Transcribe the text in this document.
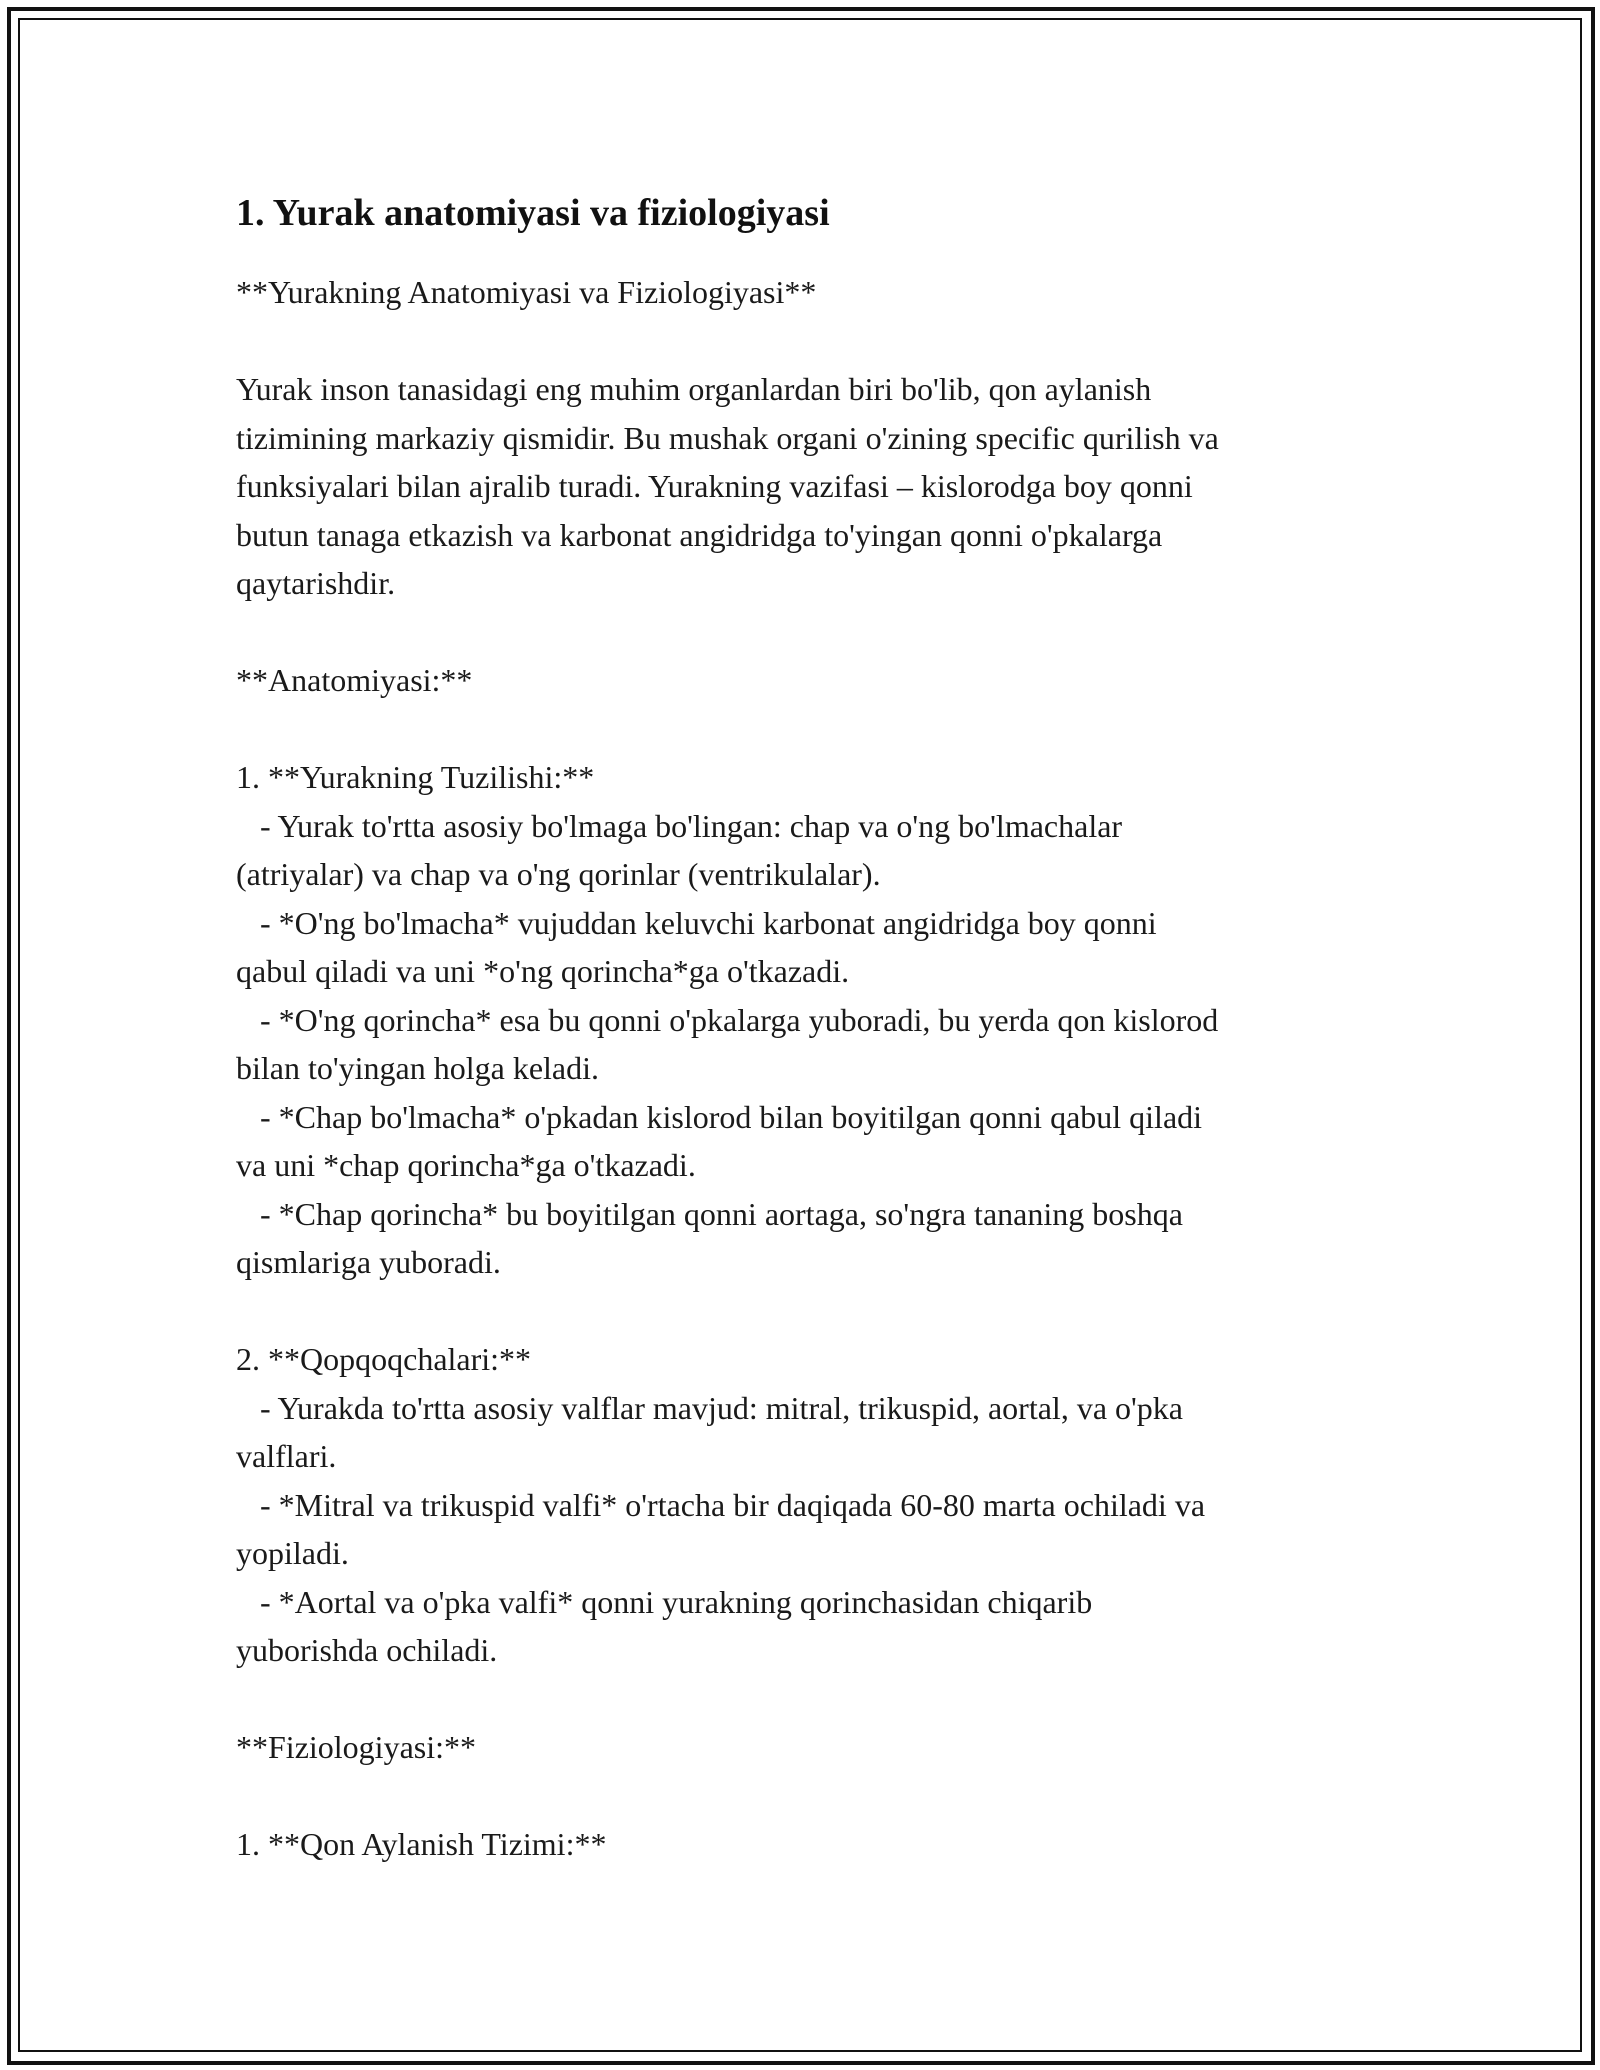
1. Yurak anatomiyasi va fiziologiyasi

**Yurakning Anatomiyasi va Fiziologiyasi**

Yurak inson tanasidagi eng muhim organlardan biri bo'lib, qon aylanish

tizimining markaziy qismidir. Bu mushak organi o'zining specific qurilish va

funksiyalari bilan ajralib turadi. Yurakning vazifasi – kislorodga boy qonni

butun tanaga etkazish va karbonat angidridga to'yingan qonni o'pkalarga

qaytarishdir.

**Anatomiyasi:**

1. **Yurakning Tuzilishi:**

- Yurak to'rtta asosiy bo'lmaga bo'lingan: chap va o'ng bo'lmachalar

(atriyalar) va chap va o'ng qorinlar (ventrikulalar).

- *O'ng bo'lmacha* vujuddan keluvchi karbonat angidridga boy qonni

qabul qiladi va uni *o'ng qorincha*ga o'tkazadi.

- *O'ng qorincha* esa bu qonni o'pkalarga yuboradi, bu yerda qon kislorod

bilan to'yingan holga keladi.

- *Chap bo'lmacha* o'pkadan kislorod bilan boyitilgan qonni qabul qiladi

va uni *chap qorincha*ga o'tkazadi.

- *Chap qorincha* bu boyitilgan qonni aortaga, so'ngra tananing boshqa

qismlariga yuboradi.

2. **Qopqoqchalari:**

- Yurakda to'rtta asosiy valflar mavjud: mitral, trikuspid, aortal, va o'pka

valflari.

- *Mitral va trikuspid valfi* o'rtacha bir daqiqada 60-80 marta ochiladi va

yopiladi.

- *Aortal va o'pka valfi* qonni yurakning qorinchasidan chiqarib

yuborishda ochiladi.

**Fiziologiyasi:**

1. **Qon Aylanish Tizimi:**
